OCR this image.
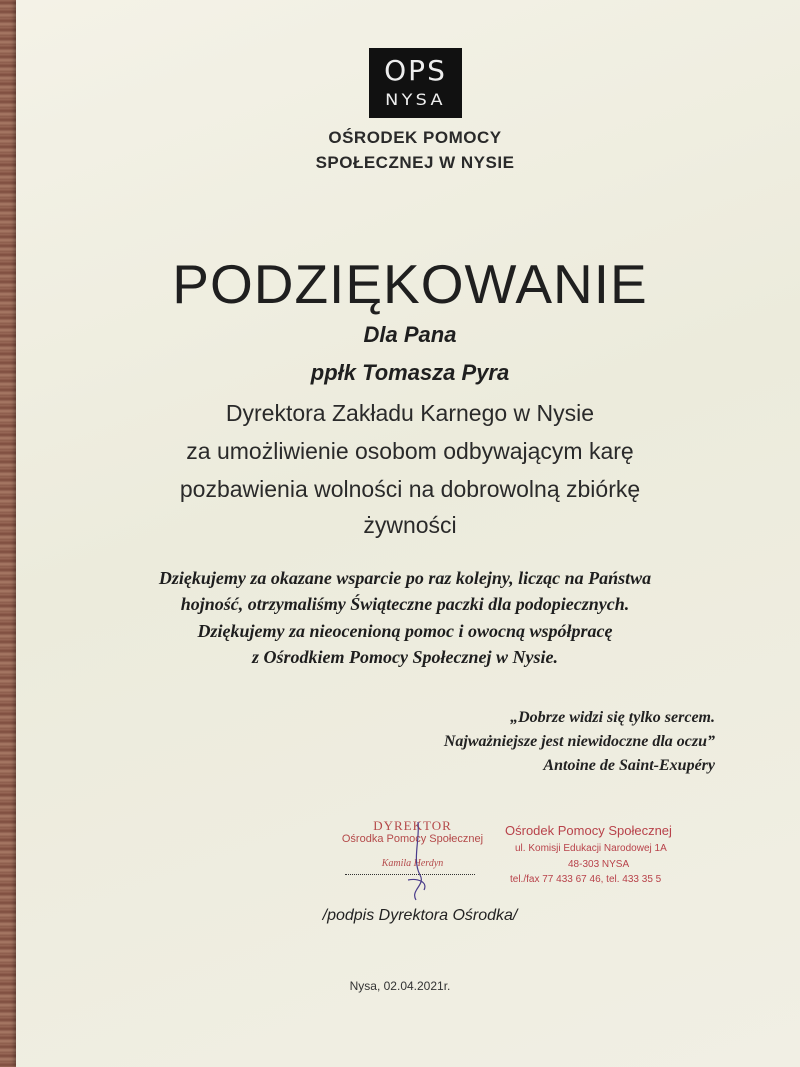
OPS
NYSA
OŚRODEK POMOCY
SPOŁECZNEJ W NYSIE
PODZIĘKOWANIE
Dla Pana
ppłk Tomasza Pyra
Dyrektora Zakładu Karnego w Nysie
za umożliwienie osobom odbywającym karę
pozbawienia wolności na dobrowolną zbiórkę
żywności
Dziękujemy za okazane wsparcie po raz kolejny, licząc na Państwa
hojność, otrzymaliśmy Świąteczne paczki dla podopiecznych.
Dziękujemy za nieocenioną pomoc i owocną współpracę
z Ośrodkiem Pomocy Społecznej w Nysie.
„Dobrze widzi się tylko sercem.
Najważniejsze jest niewidoczne dla oczu”
Antoine de Saint-Exupéry
DYREKTOR
Ośrodka Pomocy Społecznej
Kamila Herdyn
Ośrodek Pomocy Społecznej
ul. Komisji Edukacji Narodowej 1A
48-303 NYSA
tel./fax 77 433 67 46, tel. 433 35 5
/podpis Dyrektora Ośrodka/
Nysa, 02.04.2021r.
